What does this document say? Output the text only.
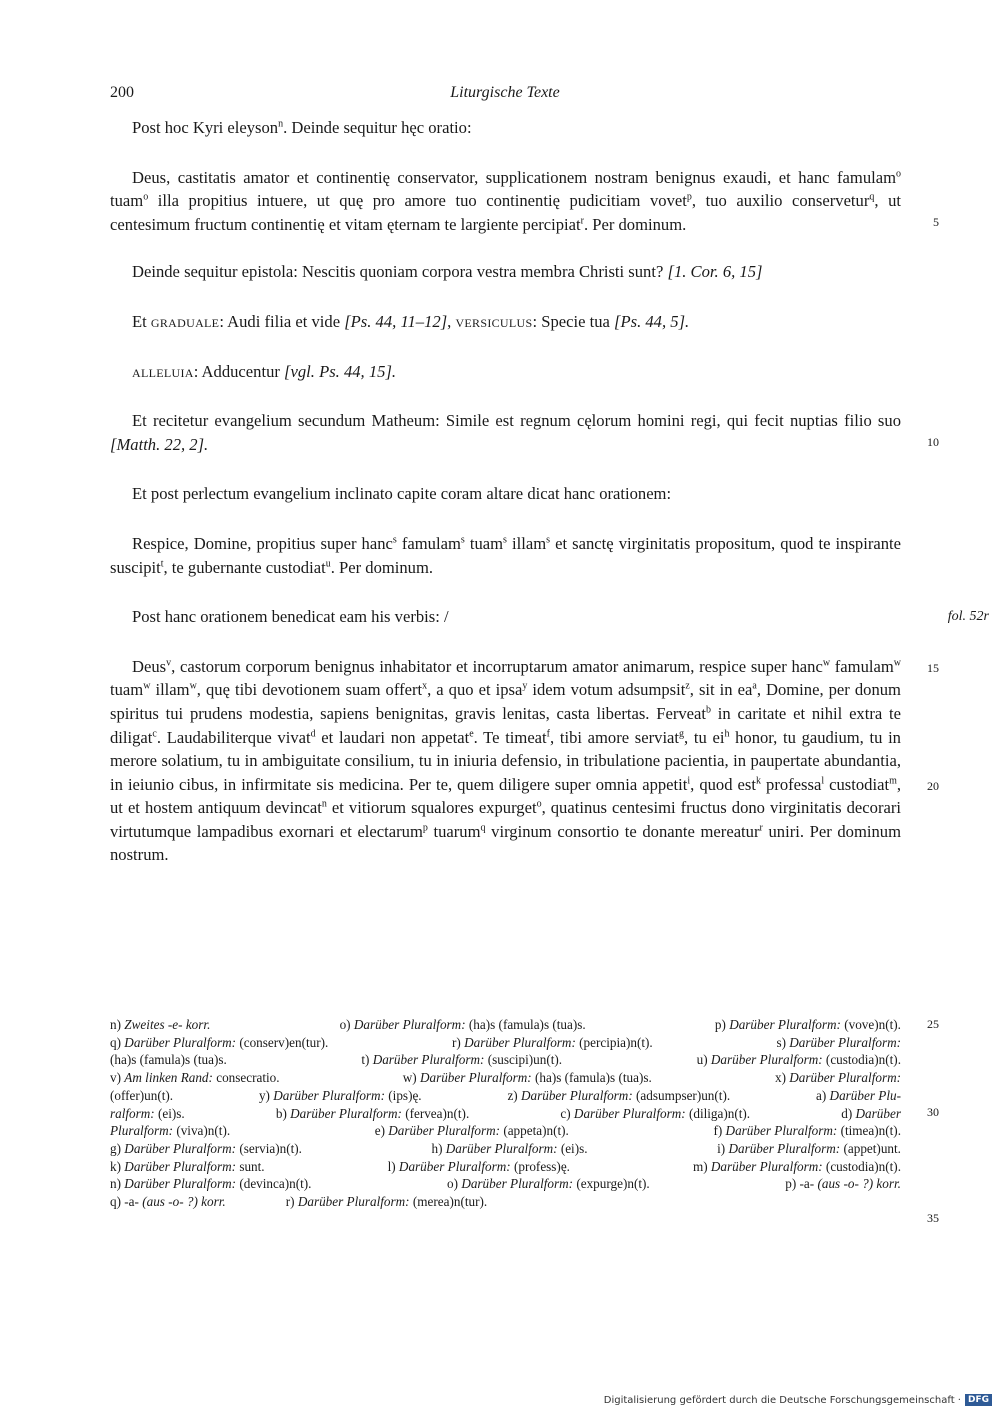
200	Liturgische Texte

Post hoc Kyri eleyson$^n$. Deinde sequitur hęc oratio:

Deus, castitatis amator et continentię conservator, supplicationem nostram benignus exaudi, et hanc famulam$^o$ tuam$^o$ illa propitius intuere, ut quę pro amore tuo continentię pudicitiam vovet$^p$, tuo auxilio conservetur$^q$, ut centesimum fructum continentię et vitam ęternam te largiente percipiat$^r$. Per dominum.	5

Deinde sequitur epistola: Nescitis quoniam corpora vestra membra Christi sunt? [1. Cor. 6, 15]

Et graduale: Audi filia et vide [Ps. 44, 11–12], versiculus: Specie tua [Ps. 44, 5].

alleluia: Adducentur [vgl. Ps. 44, 15].

Et recitetur evangelium secundum Matheum: Simile est regnum cęlorum homini regi, qui fecit nuptias filio suo [Matth. 22, 2].	10

Et post perlectum evangelium inclinato capite coram altare dicat hanc orationem:

Respice, Domine, propitius super hanc$^s$ famulam$^s$ tuam$^s$ illam$^s$ et sanctę virginitatis propositum, quod te inspirante suscipit$^t$, te gubernante custodiat$^u$. Per dominum.

Post hanc orationem benedicat eam his verbis: /	fol. 52r

Deus$^v$, castorum corporum benignus inhabitator et incorruptarum amator animarum, respice super hanc$^w$ famulam$^w$ tuam$^w$ illam$^w$, quę tibi devotionem suam offert$^x$, a quo et ipsa$^y$ idem votum adsumpsit$^z$, sit in $ea^a$, Domine, per donum spiritus tui prudens modestia, sapiens benignitas, gravis lenitas, casta libertas. Ferveat$^b$ in caritate et nihil extra te diligat$^c$. Laudabiliterque vivat$^d$ et laudari non appetat$^e$. Te timeat$^f$, tibi amore serviat$^g$, tu $ei^h$ honor, tu gaudium, tu in merore solatium, tu in ambiguitate consilium, tu in iniuria defensio, in tribulatione pacientia, in paupertate abundantia, in ieiunio cibus, in infirmitate sis medicina. Per te, quem diligere super omnia appetit$^i$, quod est$^k$ professa$^l$ custodiat$^m$, ut et hostem antiquum devincat$^n$ et vitiorum squalores expurget$^o$, quatinus centesimi fructus dono virginitatis decorari virtutumque lampadibus exornari et electarum$^p$ tuarum$^q$ virginum consortio te donante mereatur$^r$ uniri. Per dominum nostrum.
15
20

25
30
35
n) Zweites -e- korr.	o) Darüber Pluralform: (ha)s (famula)s (tua)s.	p) Darüber Pluralform: (vove)n(t).
q) Darüber Pluralform: (conserv)en(tur).	r) Darüber Pluralform: (percipia)n(t).	s) Darüber Pluralform:
(ha)s (famula)s (tua)s.	t) Darüber Pluralform: (suscipi)un(t).	u) Darüber Pluralform: (custodia)n(t).
v) Am linken Rand: consecratio.	w) Darüber Pluralform: (ha)s (famula)s (tua)s.	x) Darüber Pluralform:
(offer)un(t).	y) Darüber Pluralform: (ips)ę.	z) Darüber Pluralform: (adsumpser)un(t).	a) Darüber Plu-
ralform: (ei)s.	b) Darüber Pluralform: (fervea)n(t).	c) Darüber Pluralform: (diliga)n(t).	d) Darüber
Pluralform: (viva)n(t).	e) Darüber Pluralform: (appeta)n(t).	f) Darüber Pluralform: (timea)n(t).
g) Darüber Pluralform: (servia)n(t).	h) Darüber Pluralform: (ei)s.	i) Darüber Pluralform: (appet)unt.
k) Darüber Pluralform: sunt.	l) Darüber Pluralform: (profess)ę.	m) Darüber Pluralform: (custodia)n(t).
n) Darüber Pluralform: (devinca)n(t).	o) Darüber Pluralform: (expurge)n(t).	p) -a- (aus -o- ?) korr.
q) -a- (aus -o- ?) korr.	r) Darüber Pluralform: (merea)n(tur).
Digitalisierung gefördert durch die Deutsche Forschungsgemeinschaft · DFG
